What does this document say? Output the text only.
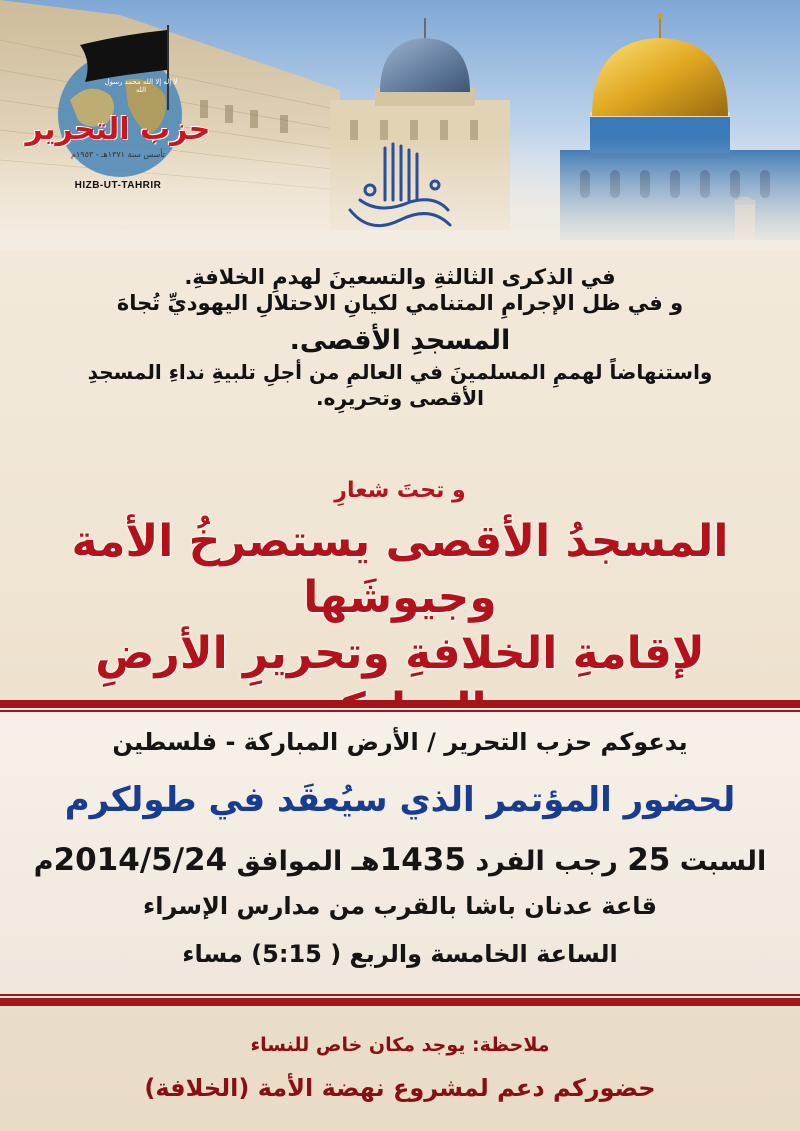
لا إله إلا الله محمد رسول الله
حزب التحرير
تأسس سنة ١٣٧١هـ - ١٩٥٣م
HIZB-UT-TAHRIR

في الذكرى الثالثةِ والتسعينَ لهدمِ الخلافةِ.

و في ظل الإجرامِ المتنامي لكيانِ الاحتلالِ اليهوديِّ تُجاهَ

المسجدِ الأقصى.

واستنهاضاً لهممِ المسلمينَ في العالمِ من أجلِ تلبيةِ نداءِ المسجدِ

الأقصى وتحريرِه.

و تحتَ شعارِ
المسجدُ الأقصى يستصرخُ الأمة وجيوشَها
لإقامةِ الخلافةِ وتحريرِ الأرضِ
يدعوكم حزب التحرير / الأرض المباركة - فلسطين
لحضور المؤتمر الذي سيُعقَد في طولكرم
السبت 25 رجب الفرد 1435هـ الموافق 2014/5/24م
قاعة عدنان باشا بالقرب من مدارس الإسراء
الساعة الخامسة والربع ( 5:15) مساء
ملاحظة: يوجد مكان خاص للنساء
حضوركم دعم لمشروع نهضة الأمة (الخلافة)
